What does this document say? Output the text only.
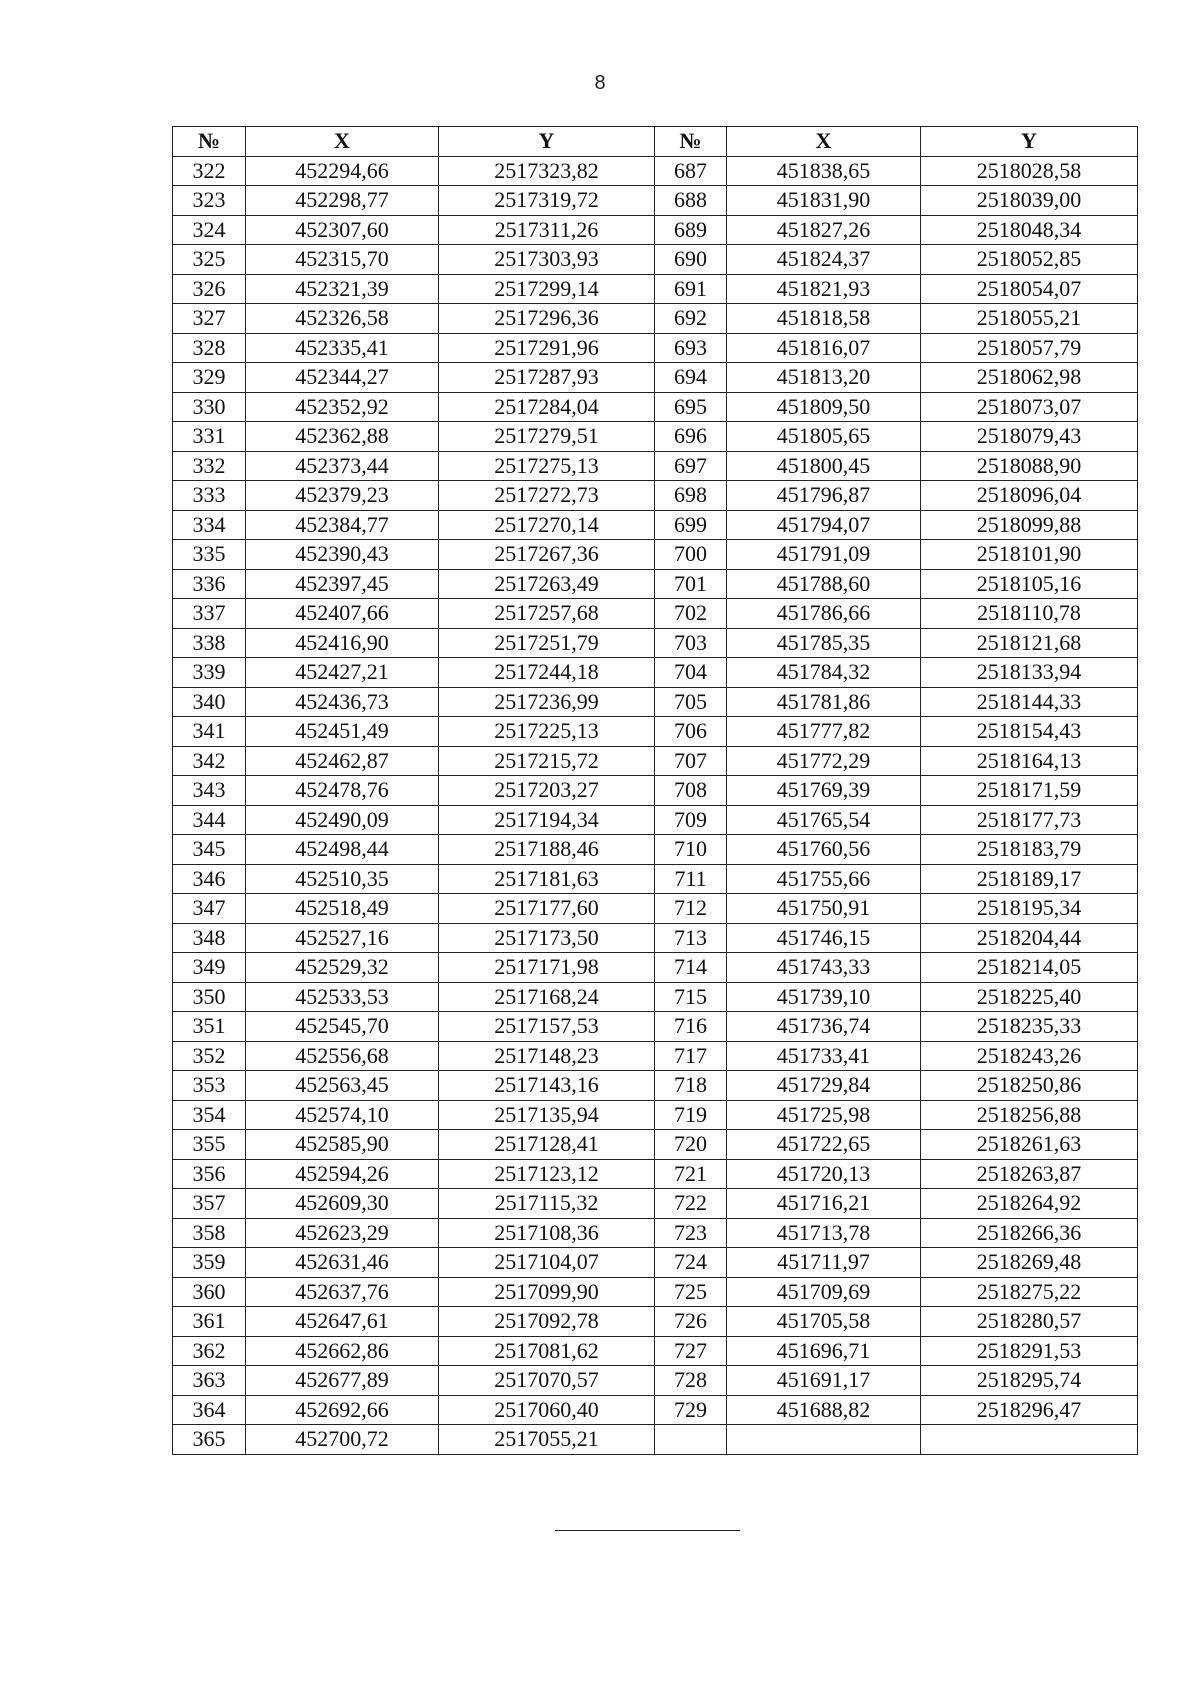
8
№	X	Y	№	X	Y
322	452294,66	2517323,82	687	451838,65	2518028,58
323	452298,77	2517319,72	688	451831,90	2518039,00
324	452307,60	2517311,26	689	451827,26	2518048,34
325	452315,70	2517303,93	690	451824,37	2518052,85
326	452321,39	2517299,14	691	451821,93	2518054,07
327	452326,58	2517296,36	692	451818,58	2518055,21
328	452335,41	2517291,96	693	451816,07	2518057,79
329	452344,27	2517287,93	694	451813,20	2518062,98
330	452352,92	2517284,04	695	451809,50	2518073,07
331	452362,88	2517279,51	696	451805,65	2518079,43
332	452373,44	2517275,13	697	451800,45	2518088,90
333	452379,23	2517272,73	698	451796,87	2518096,04
334	452384,77	2517270,14	699	451794,07	2518099,88
335	452390,43	2517267,36	700	451791,09	2518101,90
336	452397,45	2517263,49	701	451788,60	2518105,16
337	452407,66	2517257,68	702	451786,66	2518110,78
338	452416,90	2517251,79	703	451785,35	2518121,68
339	452427,21	2517244,18	704	451784,32	2518133,94
340	452436,73	2517236,99	705	451781,86	2518144,33
341	452451,49	2517225,13	706	451777,82	2518154,43
342	452462,87	2517215,72	707	451772,29	2518164,13
343	452478,76	2517203,27	708	451769,39	2518171,59
344	452490,09	2517194,34	709	451765,54	2518177,73
345	452498,44	2517188,46	710	451760,56	2518183,79
346	452510,35	2517181,63	711	451755,66	2518189,17
347	452518,49	2517177,60	712	451750,91	2518195,34
348	452527,16	2517173,50	713	451746,15	2518204,44
349	452529,32	2517171,98	714	451743,33	2518214,05
350	452533,53	2517168,24	715	451739,10	2518225,40
351	452545,70	2517157,53	716	451736,74	2518235,33
352	452556,68	2517148,23	717	451733,41	2518243,26
353	452563,45	2517143,16	718	451729,84	2518250,86
354	452574,10	2517135,94	719	451725,98	2518256,88
355	452585,90	2517128,41	720	451722,65	2518261,63
356	452594,26	2517123,12	721	451720,13	2518263,87
357	452609,30	2517115,32	722	451716,21	2518264,92
358	452623,29	2517108,36	723	451713,78	2518266,36
359	452631,46	2517104,07	724	451711,97	2518269,48
360	452637,76	2517099,90	725	451709,69	2518275,22
361	452647,61	2517092,78	726	451705,58	2518280,57
362	452662,86	2517081,62	727	451696,71	2518291,53
363	452677,89	2517070,57	728	451691,17	2518295,74
364	452692,66	2517060,40	729	451688,82	2518296,47
365	452700,72	2517055,21			
